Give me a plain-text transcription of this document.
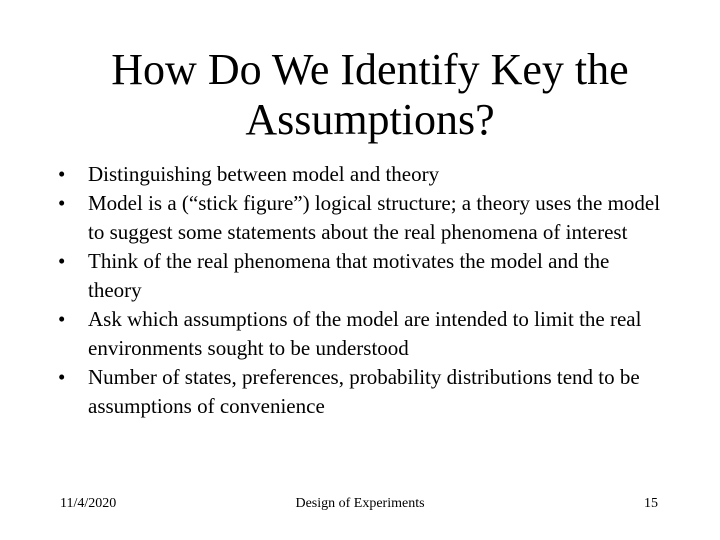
How Do We Identify Key the
Assumptions?
•	Distinguishing between model and theory
•	Model is a (“stick figure”) logical structure; a theory uses the model to suggest some statements about the real phenomena of interest
•	Think of the real phenomena that motivates the model and the theory
•	Ask which assumptions of the model are intended to limit the real environments sought to be understood
•	Number of states, preferences, probability distributions tend to be assumptions of convenience
11/4/2020	Design of Experiments	15
